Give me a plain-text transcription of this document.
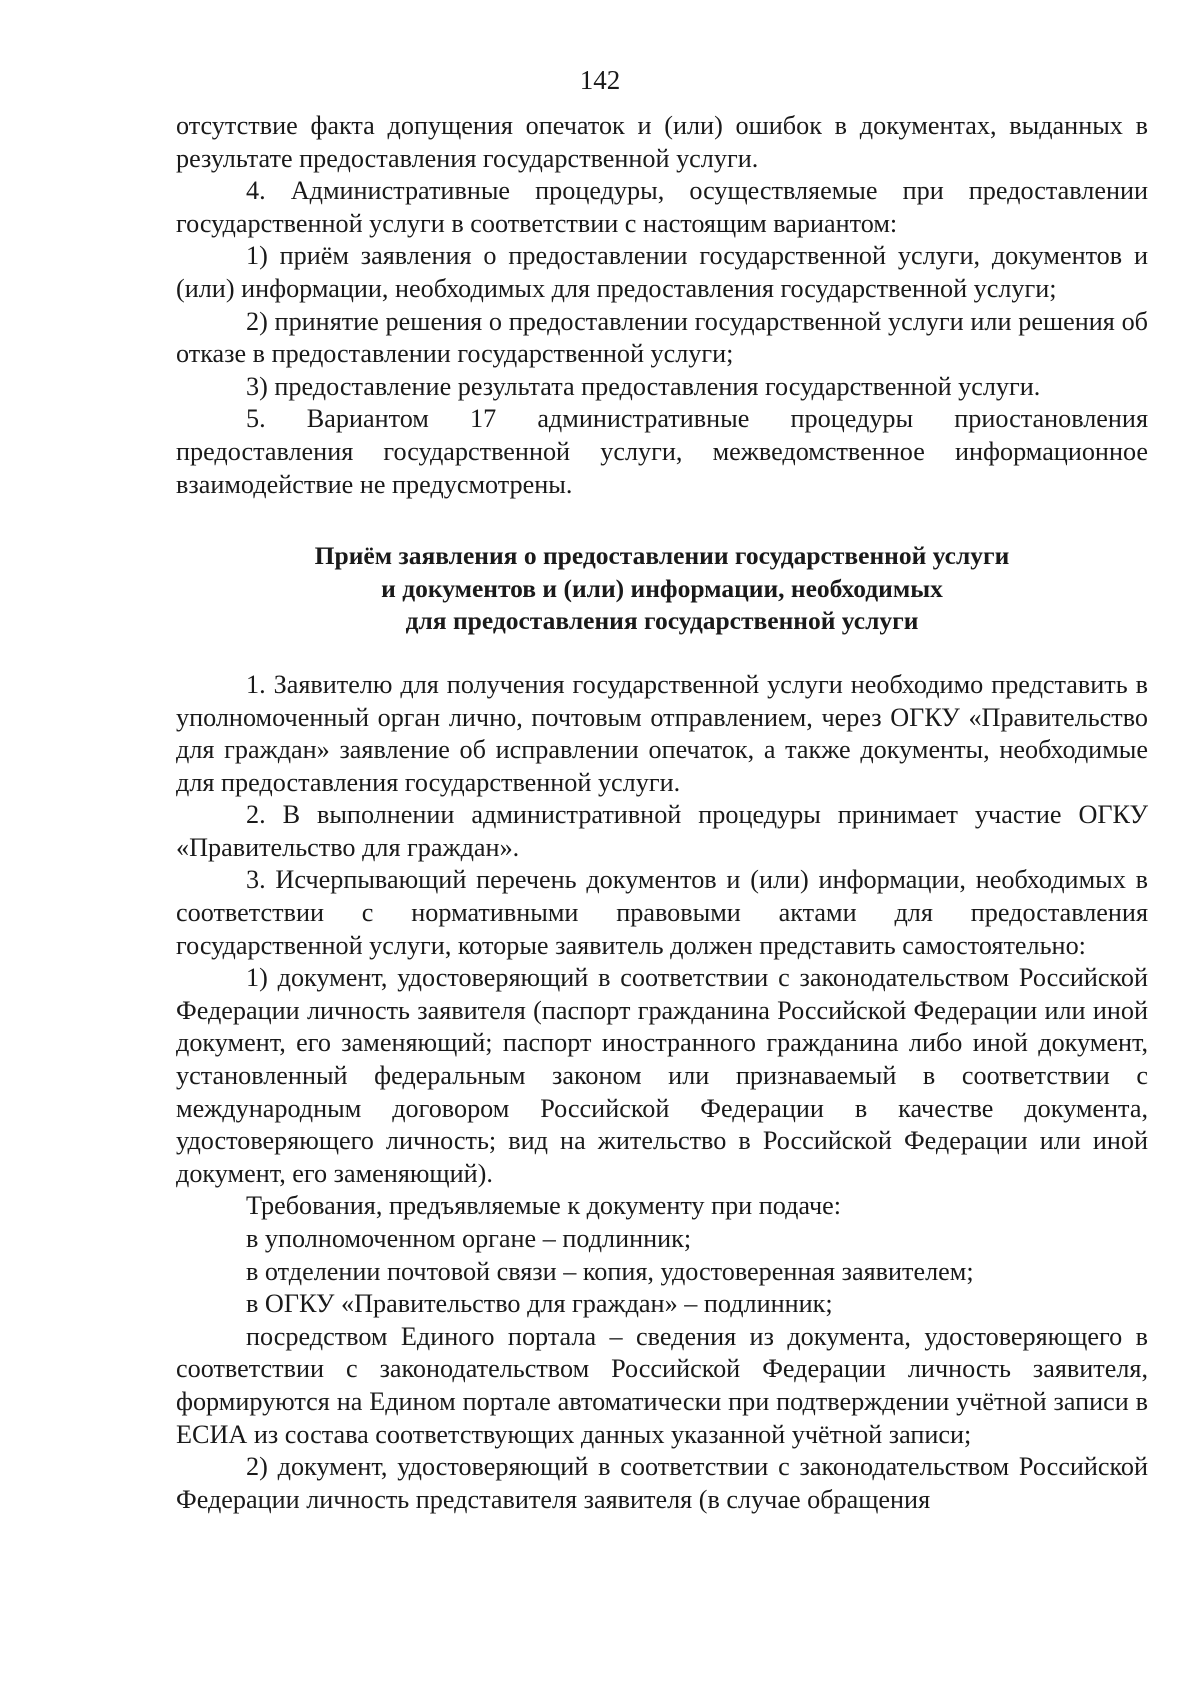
142

отсутствие факта допущения опечаток и (или) ошибок в документах, выданных в результате предоставления государственной услуги.

4. Административные процедуры, осуществляемые при предоставлении государственной услуги в соответствии с настоящим вариантом:

1) приём заявления о предоставлении государственной услуги, документов и (или) информации, необходимых для предоставления государственной услуги;

2) принятие решения о предоставлении государственной услуги или решения об отказе в предоставлении государственной услуги;

3) предоставление результата предоставления государственной услуги.

5. Вариантом 17 административные процедуры приостановления предоставления государственной услуги, межведомственное информационное взаимодействие не предусмотрены.

Приём заявления о предоставлении государственной услуги
и документов и (или) информации, необходимых
для предоставления государственной услуги

1. Заявителю для получения государственной услуги необходимо представить в уполномоченный орган лично, почтовым отправлением, через ОГКУ «Правительство для граждан» заявление об исправлении опечаток, а также документы, необходимые для предоставления государственной услуги.

2. В выполнении административной процедуры принимает участие ОГКУ «Правительство для граждан».

3. Исчерпывающий перечень документов и (или) информации, необходимых в соответствии с нормативными правовыми актами для предоставления государственной услуги, которые заявитель должен представить самостоятельно:

1) документ, удостоверяющий в соответствии с законодательством Российской Федерации личность заявителя (паспорт гражданина Российской Федерации или иной документ, его заменяющий; паспорт иностранного гражданина либо иной документ, установленный федеральным законом или признаваемый в соответствии с международным договором Российской Федерации в качестве документа, удостоверяющего личность; вид на жительство в Российской Федерации или иной документ, его заменяющий).

Требования, предъявляемые к документу при подаче:

в уполномоченном органе – подлинник;

в отделении почтовой связи – копия, удостоверенная заявителем;

в ОГКУ «Правительство для граждан» – подлинник;

посредством Единого портала – сведения из документа, удостоверяющего в соответствии с законодательством Российской Федерации личность заявителя, формируются на Едином портале автоматически при подтверждении учётной записи в ЕСИА из состава соответствующих данных указанной учётной записи;

2) документ, удостоверяющий в соответствии с законодательством Российской Федерации личность представителя заявителя (в случае обращения
